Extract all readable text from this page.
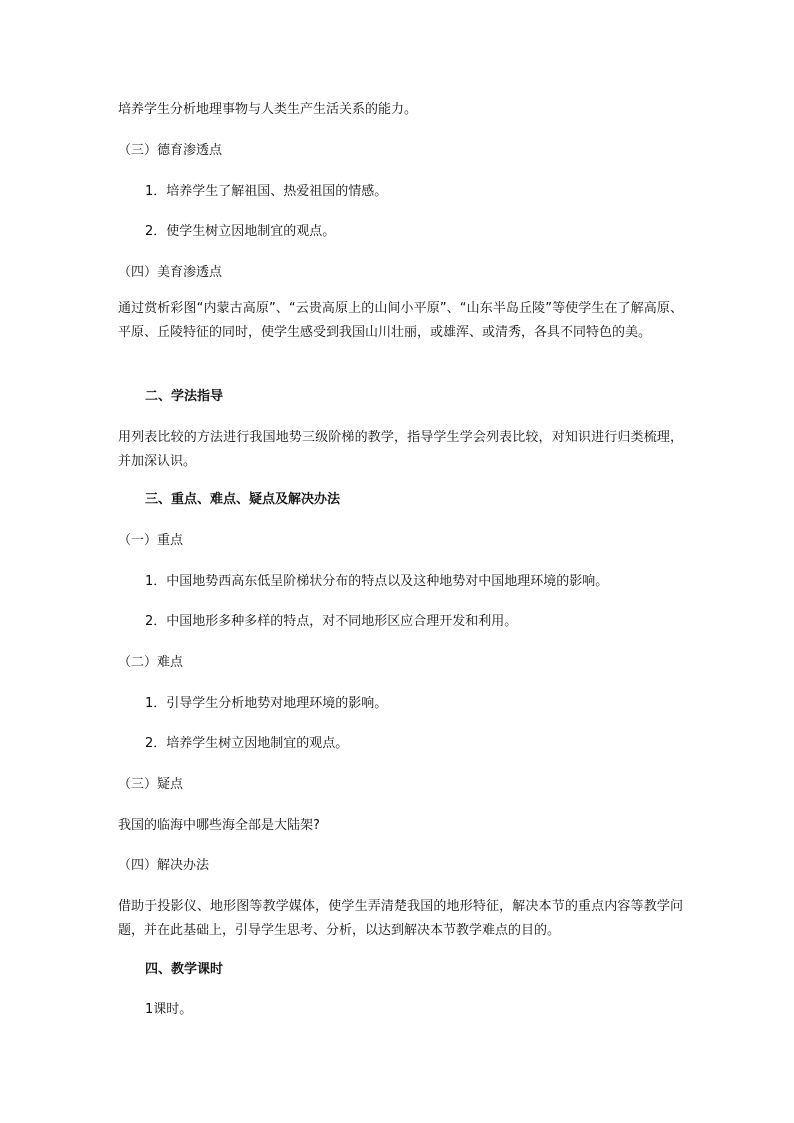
培养学生分析地理事物与人类生产生活关系的能力。
（三）德育渗透点
1．培养学生了解祖国、热爱祖国的情感。
2．使学生树立因地制宜的观点。
（四）美育渗透点
通过赏析彩图“内蒙古高原”、“云贵高原上的山间小平原”、“山东半岛丘陵”等使学生在了解高原、平原、丘陵特征的同时，使学生感受到我国山川壮丽，或雄浑、或清秀，各具不同特色的美。
二、学法指导
用列表比较的方法进行我国地势三级阶梯的教学，指导学生学会列表比较，对知识进行归类梳理，并加深认识。
三、重点、难点、疑点及解决办法
（一）重点
1．中国地势西高东低呈阶梯状分布的特点以及这种地势对中国地理环境的影响。
2．中国地形多种多样的特点，对不同地形区应合理开发和利用。
（二）难点
1．引导学生分析地势对地理环境的影响。
2．培养学生树立因地制宜的观点。
（三）疑点
我国的临海中哪些海全部是大陆架?
（四）解决办法
借助于投影仪、地形图等教学媒体，使学生弄清楚我国的地形特征，解决本节的重点内容等教学问题，并在此基础上，引导学生思考、分析，以达到解决本节教学难点的目的。
四、教学课时
1课时。
